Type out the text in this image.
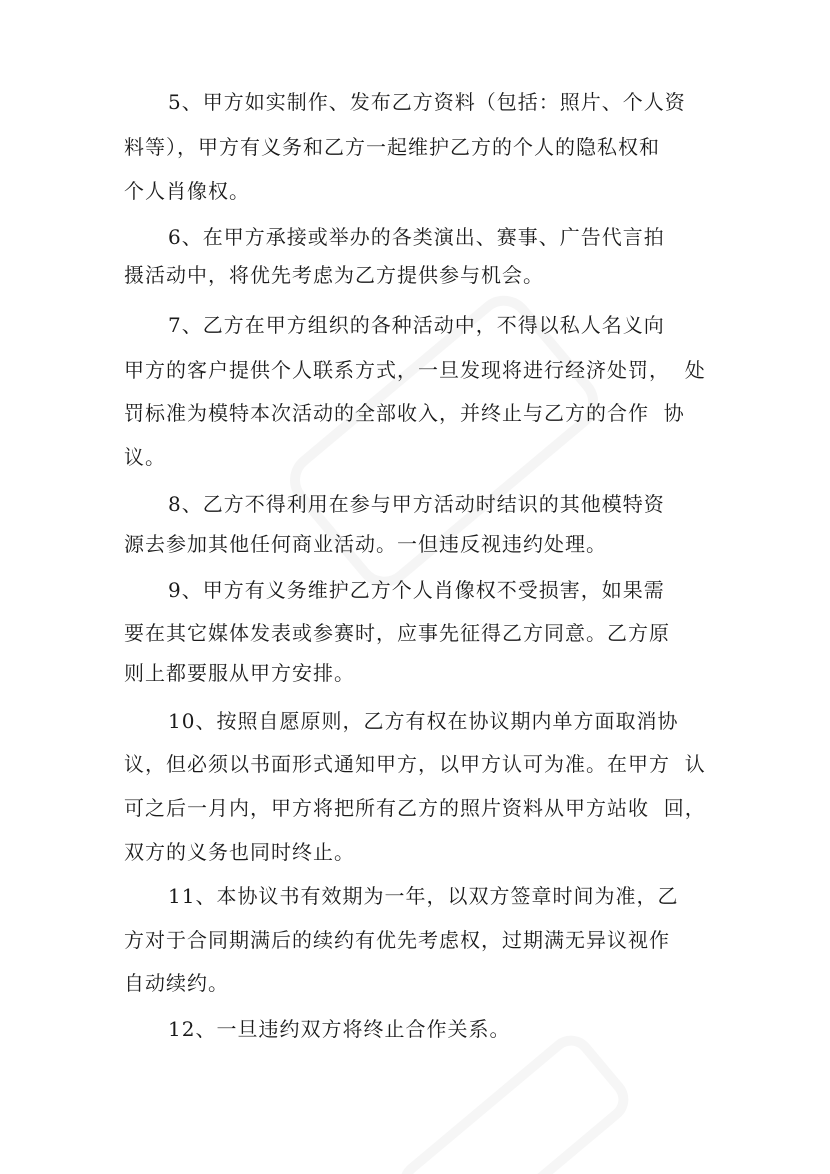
5、甲方如实制作、发布乙方资料（包括：照片、个人资
料等），甲方有义务和乙方一起维护乙方的个人的隐私权和
个人肖像权。
6、在甲方承接或举办的各类演出、赛事、广告代言拍
摄活动中，将优先考虑为乙方提供参与机会。
7、乙方在甲方组织的各种活动中，不得以私人名义向
甲方的客户提供个人联系方式，一旦发现将进行经济处罚，  处
罚标准为模特本次活动的全部收入，并终止与乙方的合作  协
议。
8、乙方不得利用在参与甲方活动时结识的其他模特资
源去参加其他任何商业活动。一但违反视违约处理。
9、甲方有义务维护乙方个人肖像权不受损害，如果需
要在其它媒体发表或参赛时，应事先征得乙方同意。乙方原
则上都要服从甲方安排。
10、按照自愿原则，乙方有权在协议期内单方面取消协
议，但必须以书面形式通知甲方，以甲方认可为准。在甲方  认
可之后一月内，甲方将把所有乙方的照片资料从甲方站收  回，
双方的义务也同时终止。
11、本协议书有效期为一年，以双方签章时间为准，乙
方对于合同期满后的续约有优先考虑权，过期满无异议视作
自动续约。
12、一旦违约双方将终止合作关系。
